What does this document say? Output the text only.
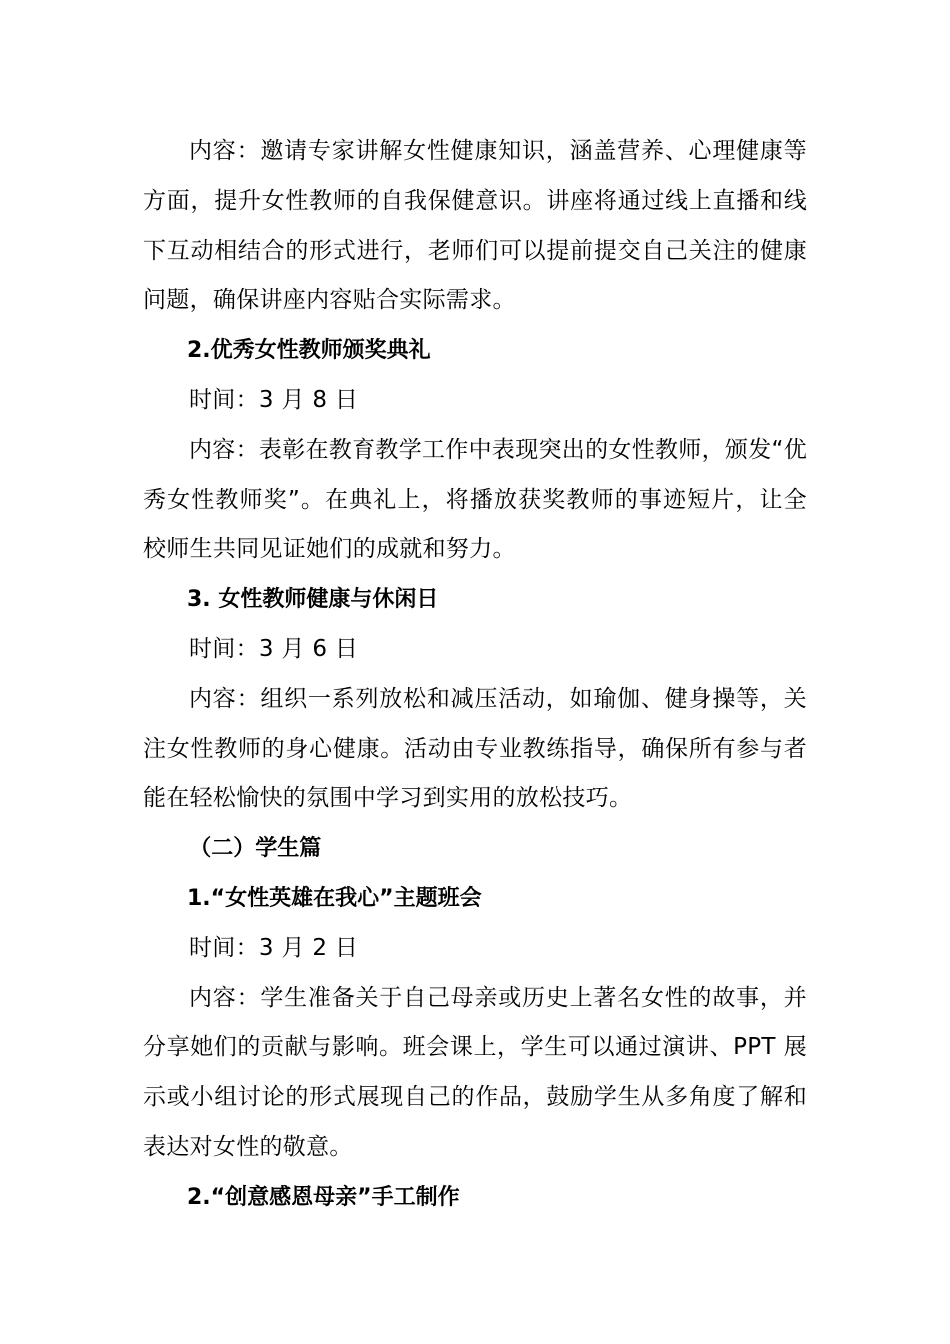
内容：邀请专家讲解女性健康知识，涵盖营养、心理健康等方面，提升女性教师的自我保健意识。讲座将通过线上直播和线下互动相结合的形式进行，老师们可以提前提交自己关注的健康问题，确保讲座内容贴合实际需求。

2.优秀女性教师颁奖典礼

时间：3 月 8 日

内容：表彰在教育教学工作中表现突出的女性教师，颁发“优秀女性教师奖”。在典礼上，将播放获奖教师的事迹短片，让全校师生共同见证她们的成就和努力。

3. 女性教师健康与休闲日

时间：3 月 6 日

内容：组织一系列放松和减压活动，如瑜伽、健身操等，关注女性教师的身心健康。活动由专业教练指导，确保所有参与者能在轻松愉快的氛围中学习到实用的放松技巧。

（二）学生篇

1.“女性英雄在我心”主题班会

时间：3 月 2 日

内容：学生准备关于自己母亲或历史上著名女性的故事，并分享她们的贡献与影响。班会课上，学生可以通过演讲、PPT 展示或小组讨论的形式展现自己的作品，鼓励学生从多角度了解和表达对女性的敬意。

2.“创意感恩母亲”手工制作
